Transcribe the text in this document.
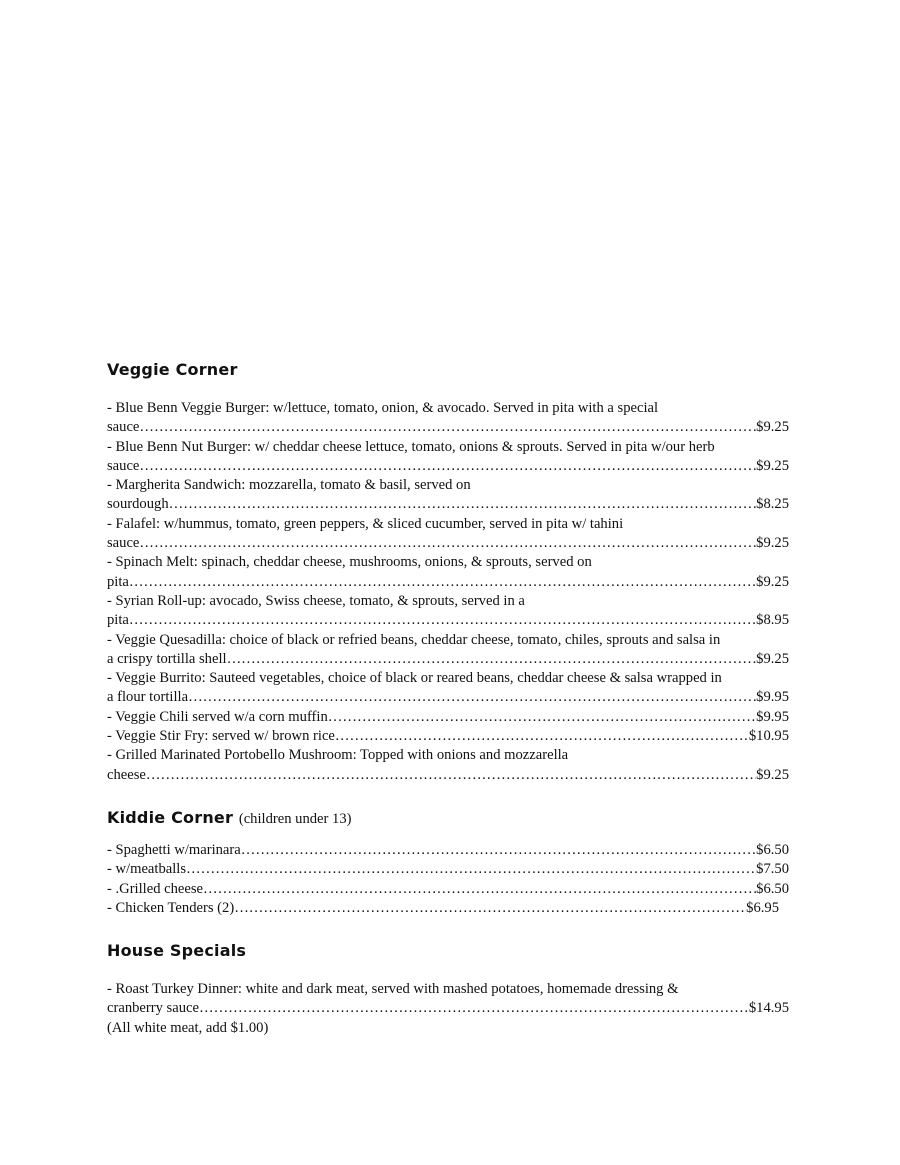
Veggie Corner
- Blue Benn Veggie Burger: w/lettuce, tomato, onion, & avocado. Served in pita with a special
sauce ……………………………………………………………………………………………………………………………………………………………………………………………………………………	$9.25
- Blue Benn Nut Burger: w/ cheddar cheese lettuce, tomato, onions & sprouts. Served in pita w/our herb
sauce ……………………………………………………………………………………………………………………………………………………………………………………………………………………	$9.25
- Margherita Sandwich: mozzarella, tomato & basil, served on
sourdough ……………………………………………………………………………………………………………………………………………………………………………………………………………………	$8.25
- Falafel: w/hummus, tomato, green peppers, & sliced cucumber, served in pita w/ tahini
sauce ……………………………………………………………………………………………………………………………………………………………………………………………………………………	$9.25
- Spinach Melt: spinach, cheddar cheese, mushrooms, onions, & sprouts, served on
pita ……………………………………………………………………………………………………………………………………………………………………………………………………………………	$9.25
- Syrian Roll-up: avocado, Swiss cheese, tomato, & sprouts, served in a
pita ……………………………………………………………………………………………………………………………………………………………………………………………………………………	$8.95
- Veggie Quesadilla: choice of black or refried beans, cheddar cheese, tomato, chiles, sprouts and salsa in
a crispy tortilla shell ……………………………………………………………………………………………………………………………………………………………………………………………………………………	$9.25
- Veggie Burrito: Sauteed vegetables, choice of black or reared beans, cheddar cheese & salsa wrapped in
a flour tortilla ……………………………………………………………………………………………………………………………………………………………………………………………………………………	$9.95
- Veggie Chili served w/a corn muffin ……………………………………………………………………………………………………………………………………………………………………………………………………………………	$9.95
- Veggie Stir Fry: served w/ brown rice ……………………………………………………………………………………………………………………………………………………………………………………………………………………	$10.95
- Grilled Marinated Portobello Mushroom: Topped with onions and mozzarella
cheese ……………………………………………………………………………………………………………………………………………………………………………………………………………………	$9.25
Kiddie Corner (children under 13)
- Spaghetti w/marinara ……………………………………………………………………………………………………………………………………………………………………………………………………………………	$6.50
- w/meatballs ……………………………………………………………………………………………………………………………………………………………………………………………………………………	$7.50
- .Grilled cheese ……………………………………………………………………………………………………………………………………………………………………………………………………………………	$6.50
- Chicken Tenders (2) ……………………………………………………………………………………………………………………………………………………………………………………………………………………	$6.95
House Specials
- Roast Turkey Dinner: white and dark meat, served with mashed potatoes, homemade dressing &
cranberry sauce ……………………………………………………………………………………………………………………………………………………………………………………………………………………	$14.95
(All white meat, add $1.00)
